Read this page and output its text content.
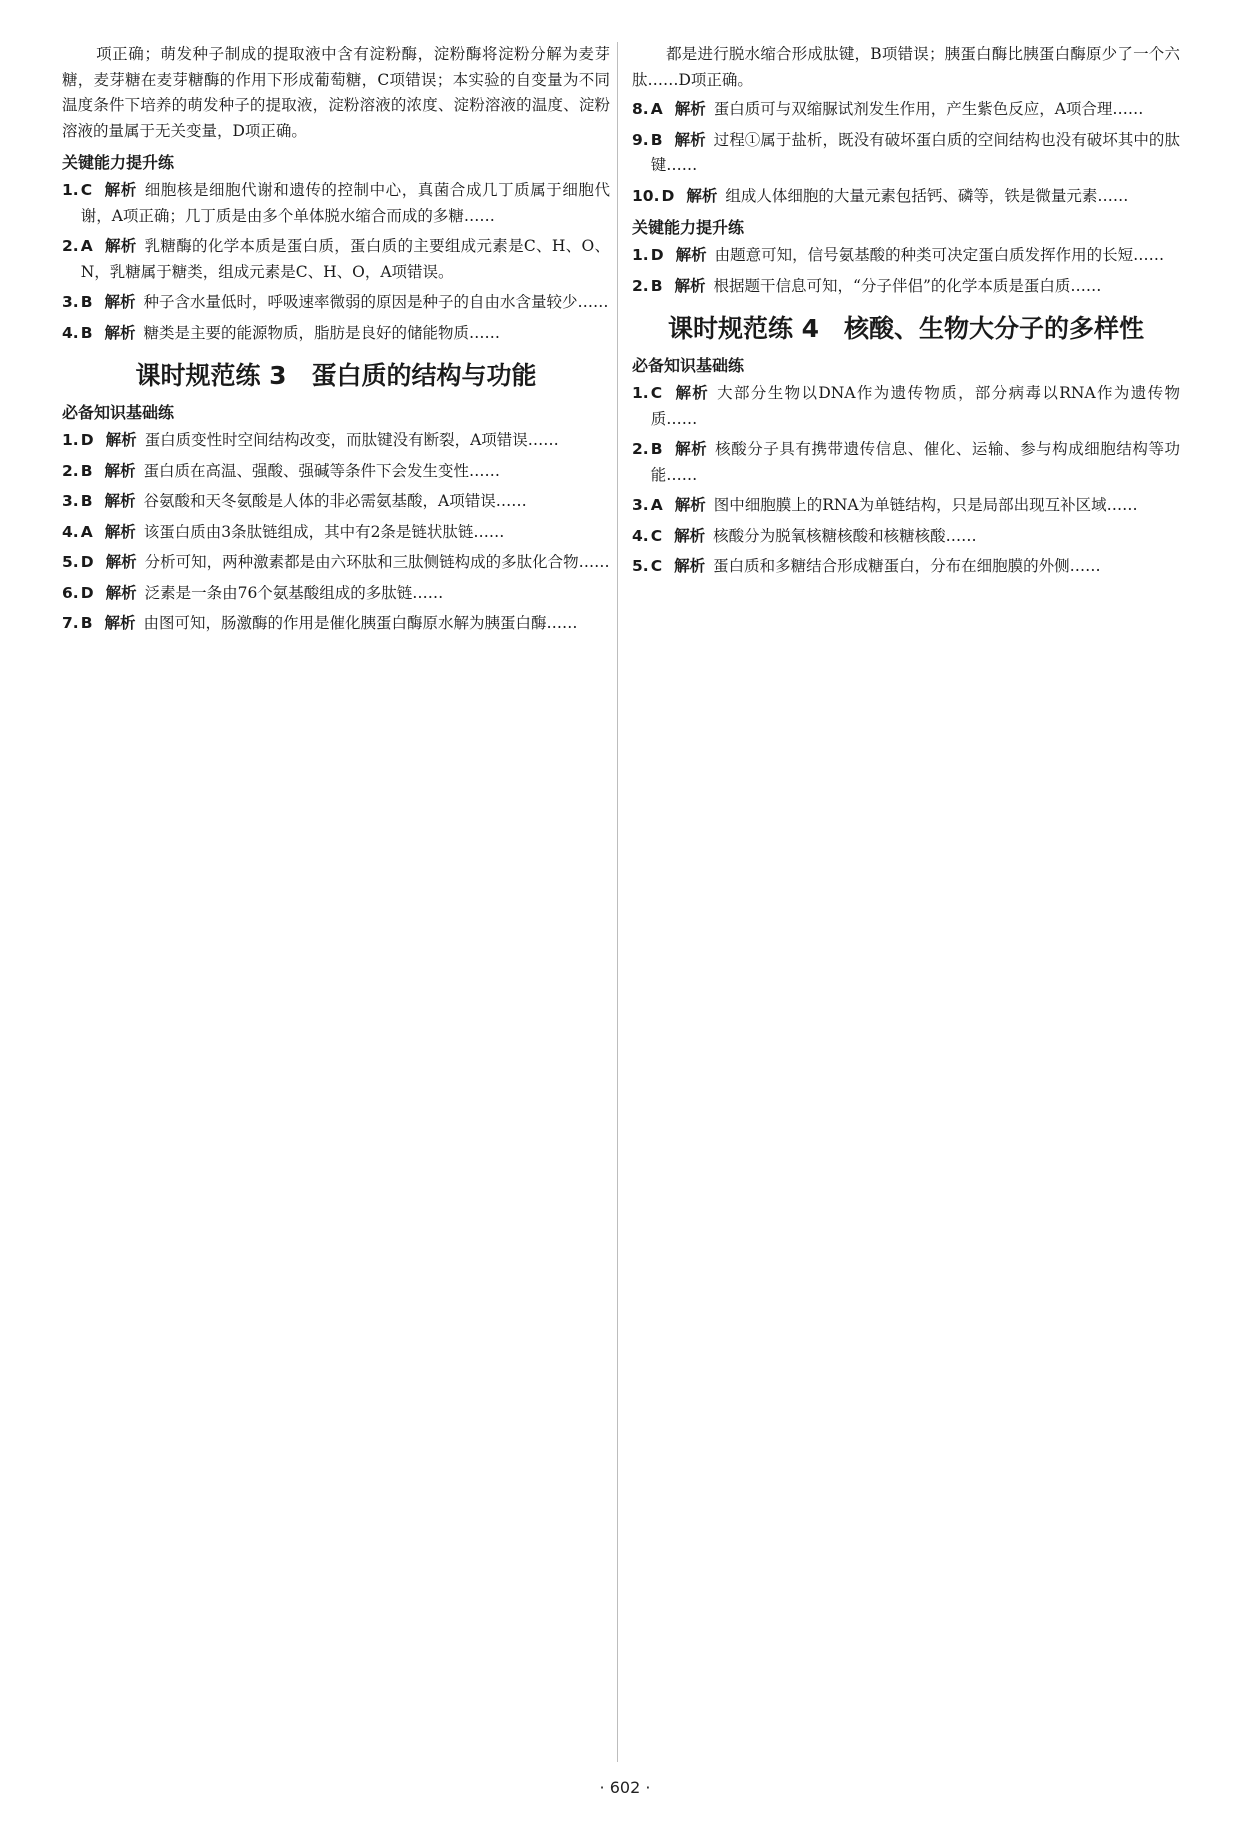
项正确；萌发种子制成的提取液中含有淀粉酶，淀粉酶将淀粉分解为麦芽糖，麦芽糖在麦芽糖酶的作用下形成葡萄糖，C项错误；本实验的自变量为不同温度条件下培养的萌发种子的提取液，淀粉溶液的浓度、淀粉溶液的温度、淀粉溶液的量属于无关变量，D项正确。

关键能力提升练
1. C 解析 细胞核是细胞代谢和遗传的控制中心，真菌合成几丁质属于细胞代谢，A项正确；几丁质是由多个单体脱水缩合而成的多糖……
2. A 解析 乳糖酶的化学本质是蛋白质，蛋白质的主要组成元素是C、H、O、N，乳糖属于糖类，组成元素是C、H、O，A项错误。
3. B 解析 种子含水量低时，呼吸速率微弱的原因是种子的自由水含量较少……
4. B 解析 糖类是主要的能源物质，脂肪是良好的储能物质……
课时规范练 3　蛋白质的结构与功能
必备知识基础练
1. D 解析 蛋白质变性时空间结构改变，而肽键没有断裂，A项错误……
2. B 解析 蛋白质在高温、强酸、强碱等条件下会发生变性……
3. B 解析 谷氨酸和天冬氨酸是人体的非必需氨基酸，A项错误……
4. A 解析 该蛋白质由3条肽链组成，其中有2条是链状肽链……
5. D 解析 分析可知，两种激素都是由六环肽和三肽侧链构成的多肽化合物……
6. D 解析 泛素是一条由76个氨基酸组成的多肽链……
7. B 解析 由图可知，肠激酶的作用是催化胰蛋白酶原水解为胰蛋白酶……

都是进行脱水缩合形成肽键，B项错误；胰蛋白酶比胰蛋白酶原少了一个六肽……D项正确。

8. A 解析 蛋白质可与双缩脲试剂发生作用，产生紫色反应，A项合理……
9. B 解析 过程①属于盐析，既没有破坏蛋白质的空间结构也没有破坏其中的肽键……
10. D 解析 组成人体细胞的大量元素包括钙、磷等，铁是微量元素……
关键能力提升练
1. D 解析 由题意可知，信号氨基酸的种类可决定蛋白质发挥作用的长短……
2. B 解析 根据题干信息可知，“分子伴侣”的化学本质是蛋白质……
课时规范练 4　核酸、生物大分子的多样性
必备知识基础练
1. C 解析 大部分生物以DNA作为遗传物质，部分病毒以RNA作为遗传物质……
2. B 解析 核酸分子具有携带遗传信息、催化、运输、参与构成细胞结构等功能……
3. A 解析 图中细胞膜上的RNA为单链结构，只是局部出现互补区域……
4. C 解析 核酸分为脱氧核糖核酸和核糖核酸……
5. C 解析 蛋白质和多糖结合形成糖蛋白，分布在细胞膜的外侧……
· 602 ·
